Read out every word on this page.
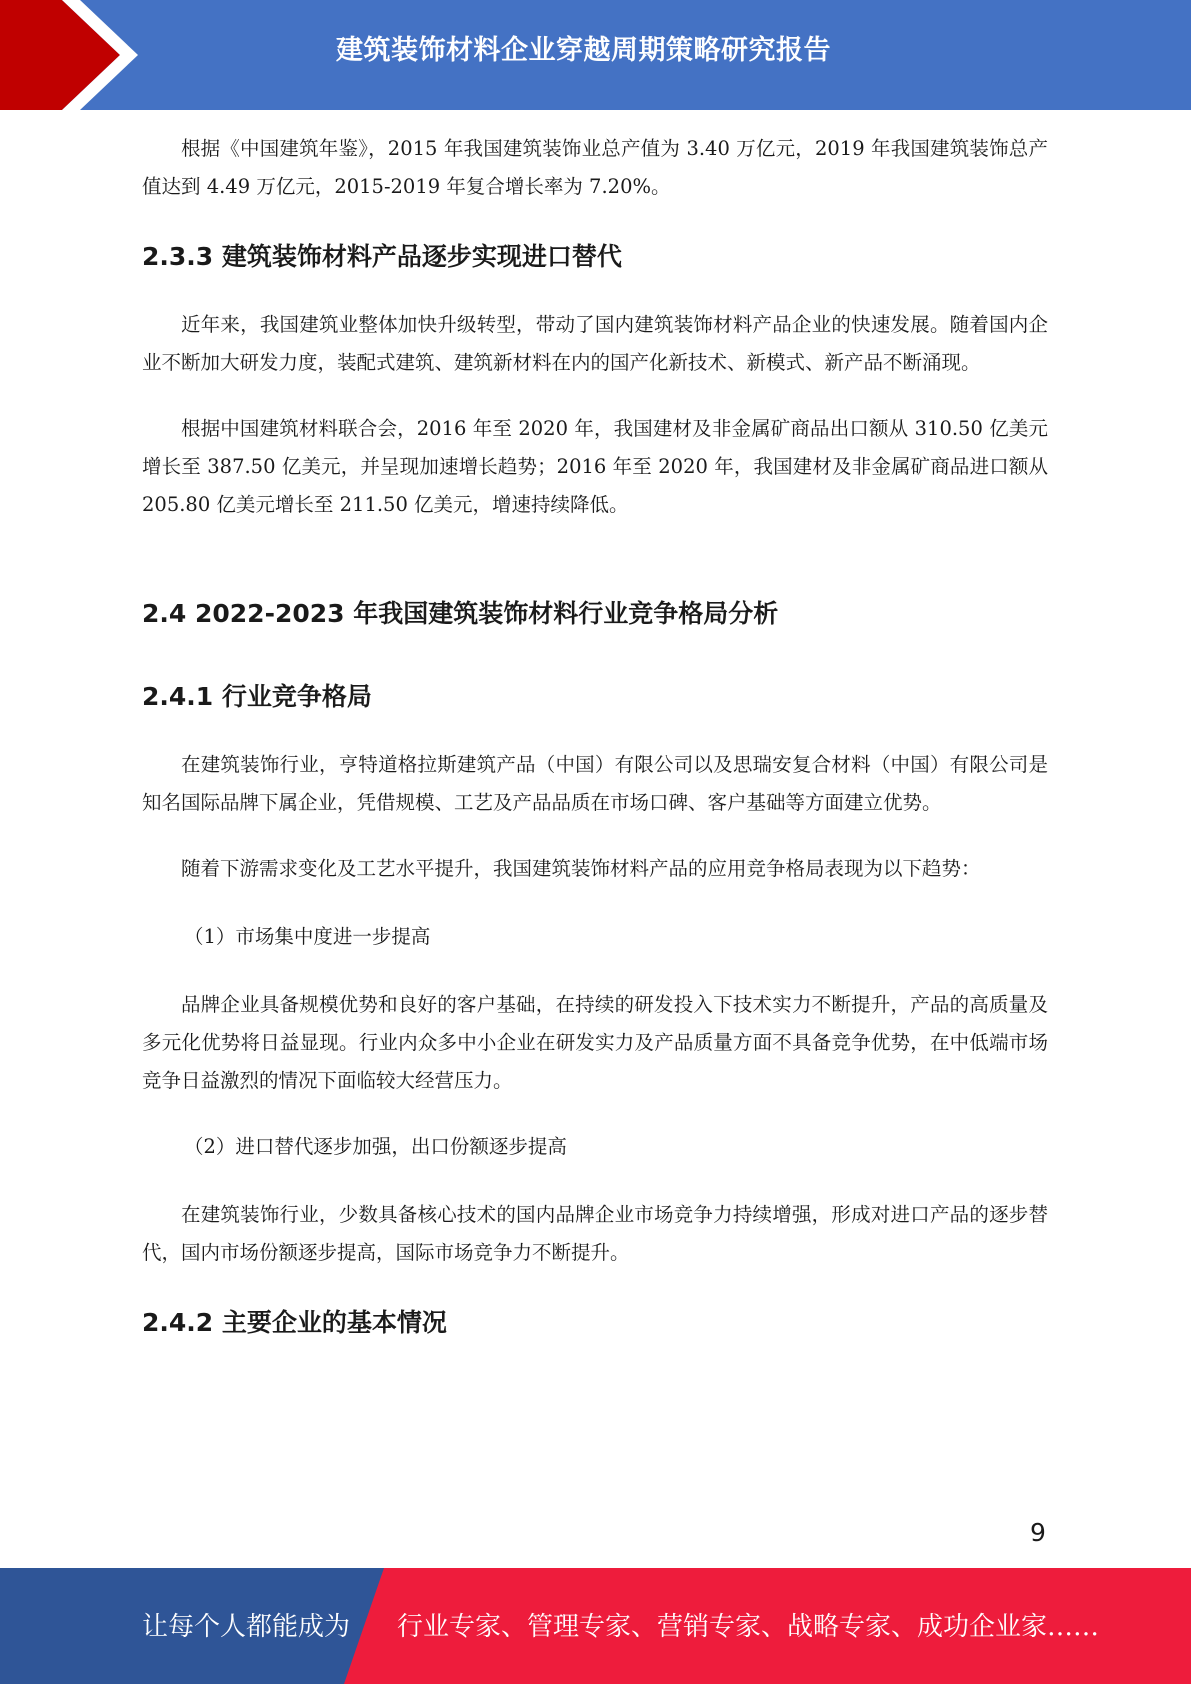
建筑装饰材料企业穿越周期策略研究报告

根据《中国建筑年鉴》，2015 年我国建筑装饰业总产值为 3.40 万亿元，2019 年我国建筑装饰总产值达到 4.49 万亿元，2015-2019 年复合增长率为 7.20%。

2.3.3 建筑装饰材料产品逐步实现进口替代

近年来，我国建筑业整体加快升级转型，带动了国内建筑装饰材料产品企业的快速发展。随着国内企业不断加大研发力度，装配式建筑、建筑新材料在内的国产化新技术、新模式、新产品不断涌现。

根据中国建筑材料联合会，2016 年至 2020 年，我国建材及非金属矿商品出口额从 310.50 亿美元增长至 387.50 亿美元，并呈现加速增长趋势；2016 年至 2020 年，我国建材及非金属矿商品进口额从 205.80 亿美元增长至 211.50 亿美元，增速持续降低。

2.4 2022-2023 年我国建筑装饰材料行业竞争格局分析
2.4.1 行业竞争格局

在建筑装饰行业，亨特道格拉斯建筑产品（中国）有限公司以及思瑞安复合材料（中国）有限公司是知名国际品牌下属企业，凭借规模、工艺及产品品质在市场口碑、客户基础等方面建立优势。

随着下游需求变化及工艺水平提升，我国建筑装饰材料产品的应用竞争格局表现为以下趋势：

（1）市场集中度进一步提高

品牌企业具备规模优势和良好的客户基础，在持续的研发投入下技术实力不断提升，产品的高质量及多元化优势将日益显现。行业内众多中小企业在研发实力及产品质量方面不具备竞争优势，在中低端市场竞争日益激烈的情况下面临较大经营压力。

（2）进口替代逐步加强，出口份额逐步提高

在建筑装饰行业，少数具备核心技术的国内品牌企业市场竞争力持续增强，形成对进口产品的逐步替代，国内市场份额逐步提高，国际市场竞争力不断提升。

2.4.2 主要企业的基本情况
9
让每个人都能成为 行业专家、管理专家、营销专家、战略专家、成功企业家……
